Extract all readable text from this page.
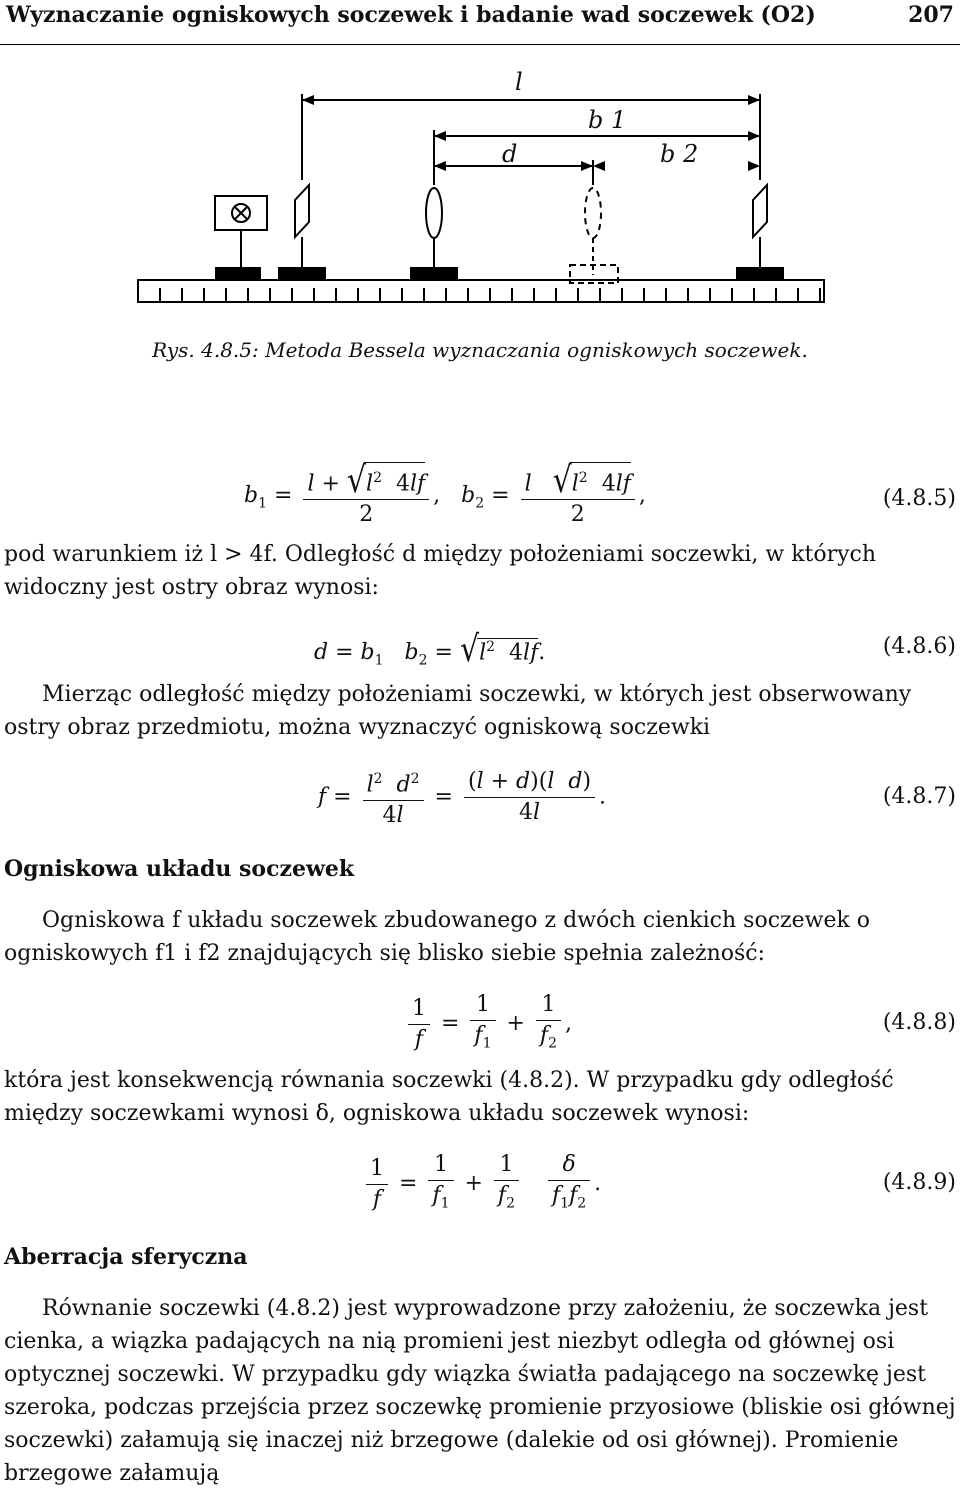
Wyznaczanie ogniskowych soczewek i badanie wad soczewek (O2)	207
l
b 1
d	b 2
Rys. 4.8.5: Metoda Bessela wyznaczania ogniskowych soczewek.
$b_1 = \frac{l + √l^2 4lf}{2}$ ,   $b_2 = \frac{l √l^2 4lf}{2}$ ,	(4.8.5)
pod warunkiem iż l > 4f. Odległość d między położeniami soczewki, w których widoczny jest ostry obraz wynosi:
$d = b_1$ $b_2 = √l^2$  4lf.	(4.8.6)
Mierząc odległość między położeniami soczewki, w których jest obserwowany ostry obraz przedmiotu, można wyznaczyć ogniskową soczewki
$f = \frac{l^2 d^2}{4l} = \frac{\text{(l + d)(l d)}}{4l}$ .	(4.8.7)
Ogniskowa układu soczewek
Ogniskowa f układu soczewek zbudowanego z dwóch cienkich soczewek o ogniskowych f1 i f2 znajdujących się blisko siebie spełnia zależność:
$\frac{1}{f} = \frac{1}{f_1} + \frac{1}{f_2}$ ,	(4.8.8)
która jest konsekwencją równania soczewki (4.8.2). W przypadku gdy odległość między soczewkami wynosi δ, ogniskowa układu soczewek wynosi:
$\frac{1}{f} = \frac{1}{f_1} + \frac{1}{f_2}$
$\frac{\delta}{f_1f_2}$ .	(4.8.9)
Aberracja sferyczna
Równanie soczewki (4.8.2) jest wyprowadzone przy założeniu, że soczewka jest cienka, a wiązka padających na nią promieni jest niezbyt odległa od głównej osi optycznej soczewki. W przypadku gdy wiązka światła padającego na soczewkę jest szeroka, podczas przejścia przez soczewkę promienie przyosiowe (bliskie osi głównej soczewki) załamują się inaczej niż brzegowe (dalekie od osi głównej). Promienie brzegowe załamują
